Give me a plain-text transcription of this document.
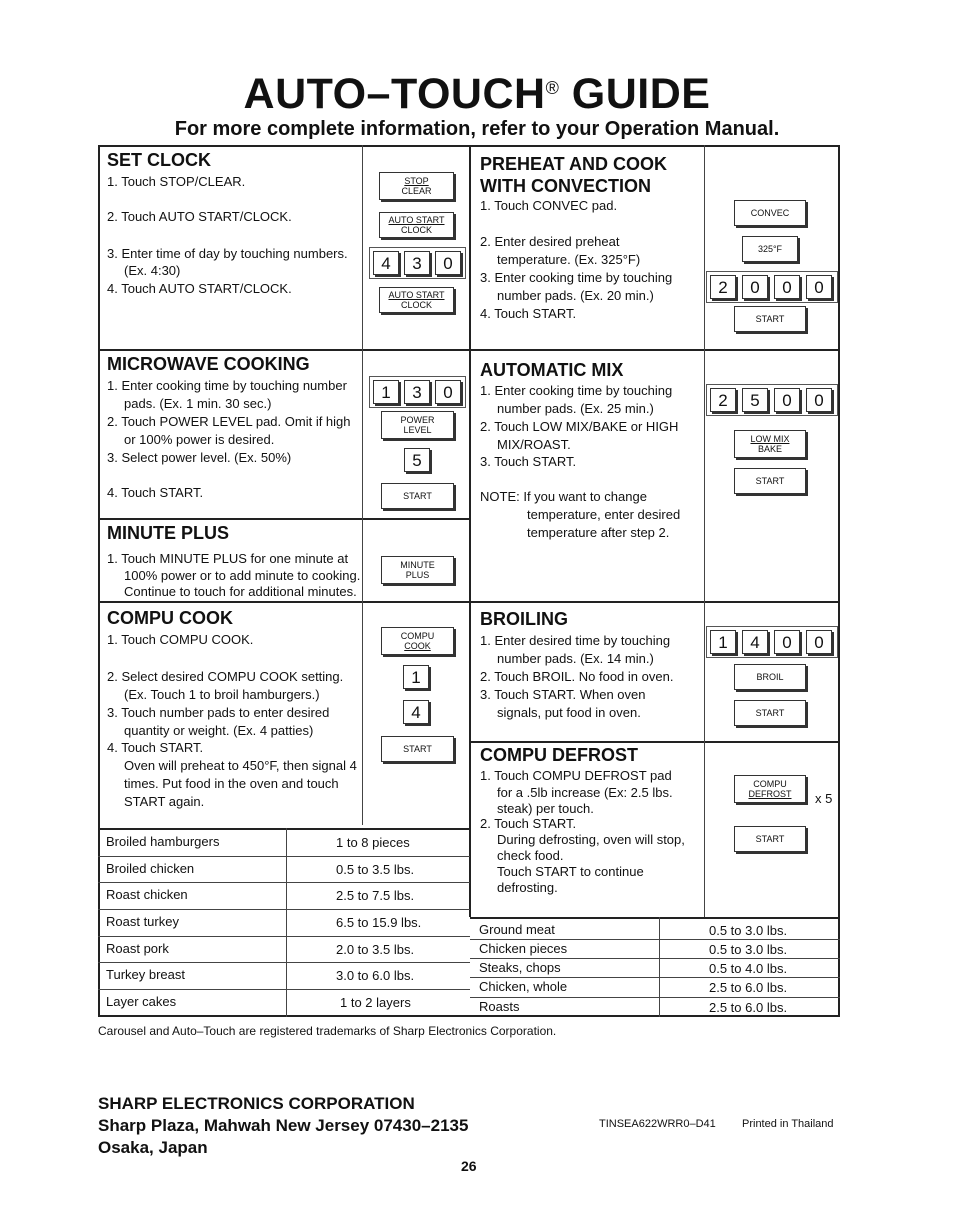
AUTO–TOUCH® GUIDE
For more complete information, refer to your Operation Manual.
SET CLOCK
1. Touch STOP/CLEAR.
2. Touch AUTO START/CLOCK.
3. Enter time of day by touching numbers.
(Ex. 4:30)
4. Touch AUTO START/CLOCK.
STOP
CLEAR
AUTO START
CLOCK
4	3	0
AUTO START
CLOCK
PREHEAT AND COOK
WITH CONVECTION
1. Touch CONVEC pad.
2. Enter desired preheat
temperature. (Ex. 325°F)
3. Enter cooking time by touching
number pads. (Ex. 20 min.)
4. Touch START.
CONVEC
325°F
2	0	0	0
START
MICROWAVE COOKING
1. Enter cooking time by touching number
pads. (Ex. 1 min. 30 sec.)
2. Touch POWER LEVEL pad. Omit if high
or 100% power is desired.
3. Select power level. (Ex. 50%)
4. Touch START.
1	3	0
POWER
LEVEL
5
START
AUTOMATIC MIX
1. Enter cooking time by touching
number pads. (Ex. 25 min.)
2. Touch LOW MIX/BAKE or HIGH
MIX/ROAST.
3. Touch START.
NOTE: If you want to change
temperature, enter desired
temperature after step 2.
2	5	0	0
LOW MIX
BAKE
START
MINUTE PLUS
1. Touch MINUTE PLUS for one minute at
100% power or to add minute to cooking.
Continue to touch for additional minutes.
MINUTE
PLUS
COMPU COOK
1. Touch COMPU COOK.
2. Select desired COMPU COOK setting.
(Ex. Touch 1 to broil hamburgers.)
3. Touch number pads to enter desired
quantity or weight. (Ex. 4 patties)
4. Touch START.
Oven will preheat to 450°F, then signal 4
times. Put food in the oven and touch
START again.
COMPU
COOK
1
4
START
Broiled hamburgers	1 to 8 pieces
Broiled chicken	0.5 to 3.5 lbs.
Roast chicken	2.5 to 7.5 lbs.
Roast turkey	6.5 to 15.9 lbs.
Roast pork	2.0 to 3.5 lbs.
Turkey breast	3.0 to 6.0 lbs.
Layer cakes	1 to 2 layers
BROILING
1. Enter desired time by touching
number pads. (Ex. 14 min.)
2. Touch BROIL. No food in oven.
3. Touch START. When oven
signals, put food in oven.
1	4	0	0
BROIL
START
COMPU DEFROST
1. Touch COMPU DEFROST pad
for a .5lb increase (Ex: 2.5 lbs.
steak) per touch.
2. Touch START.
During defrosting, oven will stop,
check food.
Touch START to continue
defrosting.
COMPU
DEFROST x 5
START
Ground meat	0.5 to 3.0 lbs.
Chicken pieces	0.5 to 3.0 lbs.
Steaks, chops	0.5 to 4.0 lbs.
Chicken, whole	2.5 to 6.0 lbs.
Roasts	2.5 to 6.0 lbs.
Carousel and Auto–Touch are registered trademarks of Sharp Electronics Corporation.
SHARP ELECTRONICS CORPORATION
Sharp Plaza, Mahwah New Jersey 07430–2135
Osaka, Japan
TINSEA622WRR0–D41 Printed in Thailand
26
